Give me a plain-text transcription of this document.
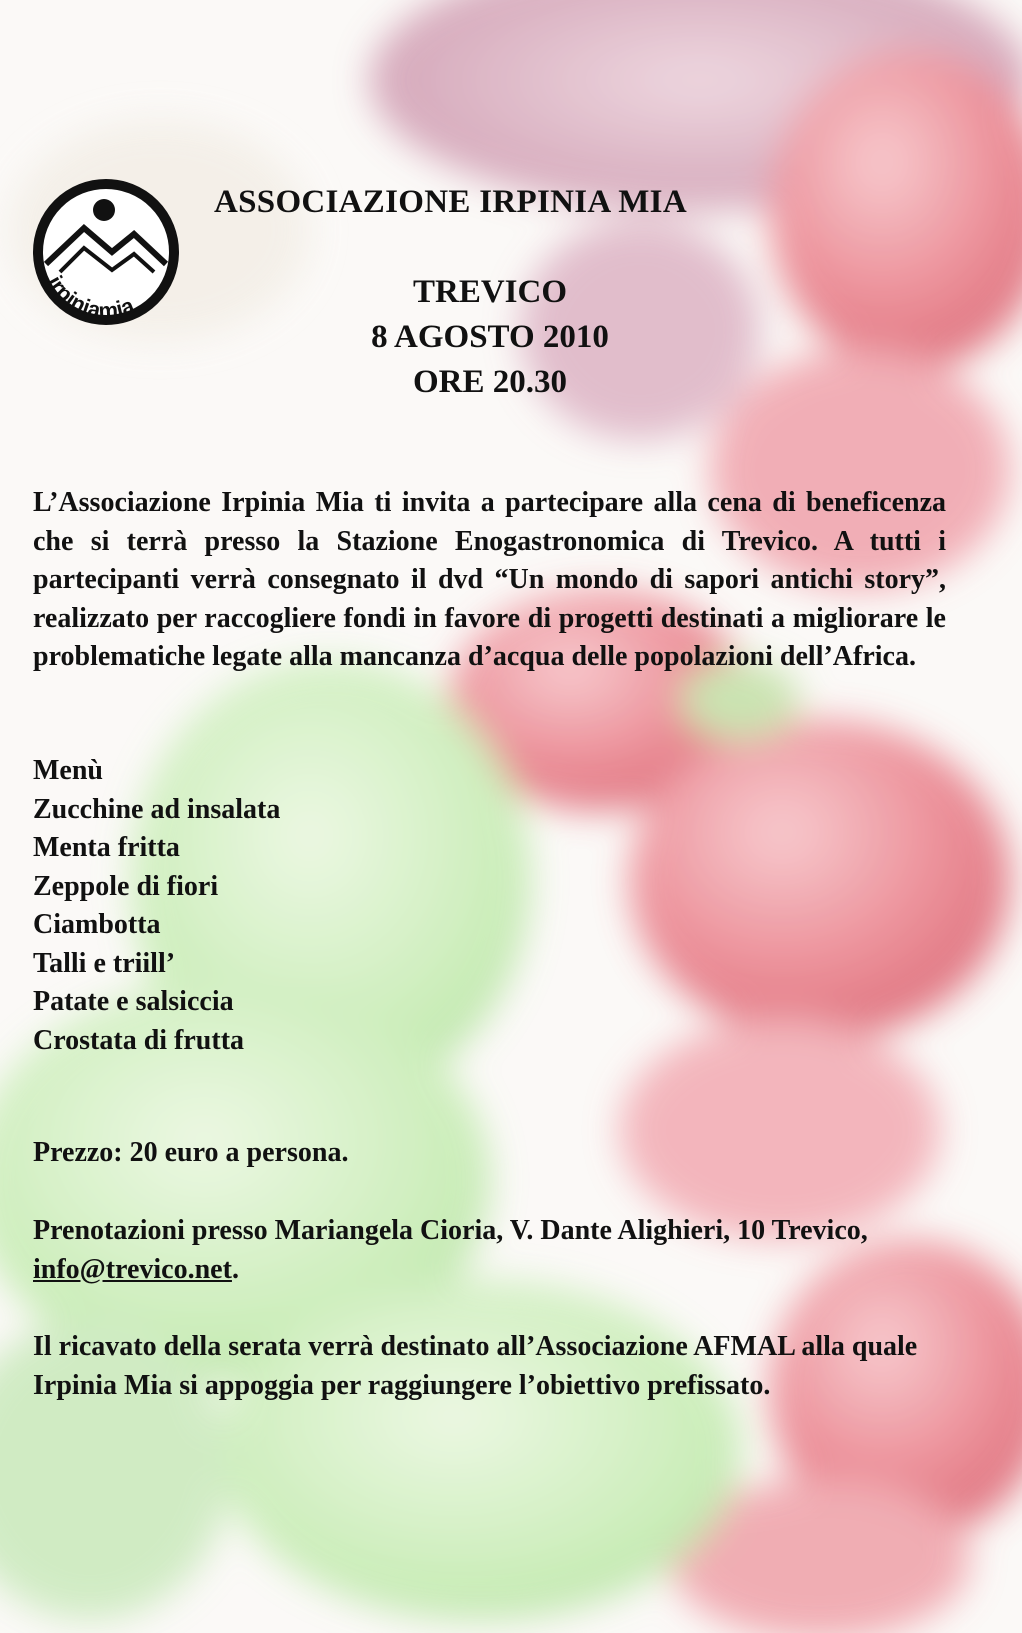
irpiniamia
ASSOCIAZIONE IRPINIA MIA
TREVICO
8 AGOSTO 2010
ORE 20.30
L’Associazione Irpinia Mia ti invita a partecipare alla cena di beneficenza che si terrà presso la Stazione Enogastronomica di Trevico. A tutti i partecipanti verrà consegnato il dvd “Un mondo di sapori antichi story”, realizzato per raccogliere fondi in favore di progetti destinati a migliorare le problematiche legate alla mancanza d’acqua delle popolazioni dell’Africa.
Menù
Zucchine ad insalata
Menta fritta
Zeppole di fiori
Ciambotta
Talli e triill’
Patate e salsiccia
Crostata di frutta
Prezzo: 20 euro a persona.
Prenotazioni presso Mariangela Cioria, V. Dante Alighieri, 10 Trevico, info@trevico.net.
Il ricavato della serata verrà destinato all’Associazione AFMAL alla quale Irpinia Mia si appoggia per raggiungere l’obiettivo prefissato.
